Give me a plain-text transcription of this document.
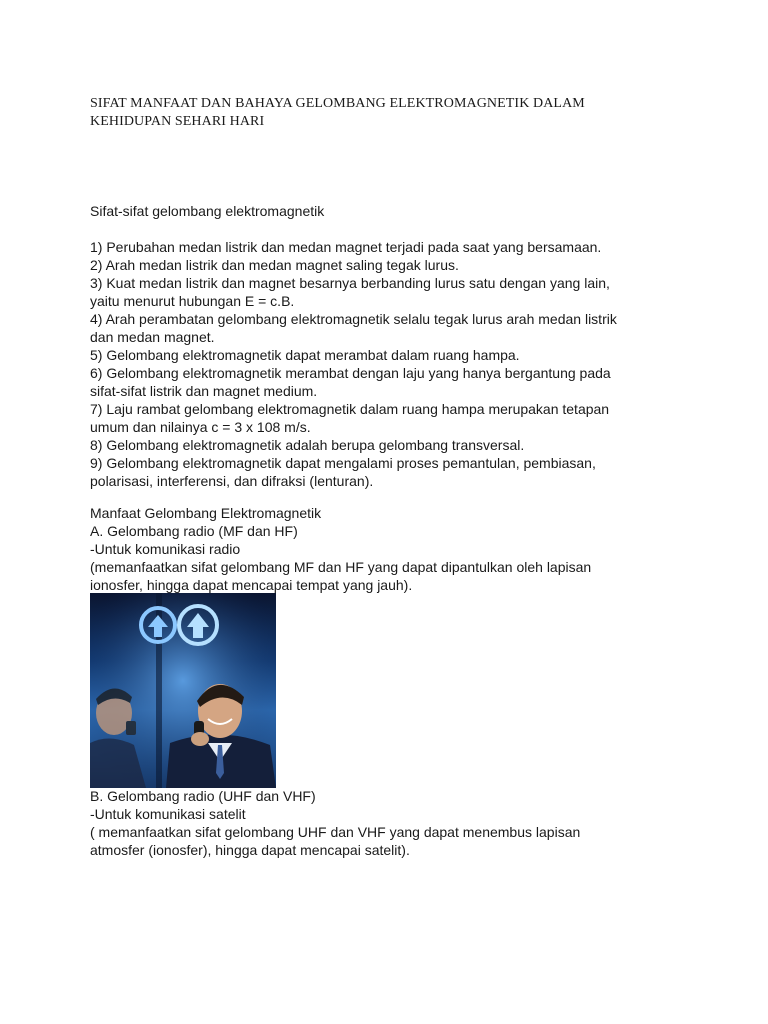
SIFAT MANFAAT DAN BAHAYA GELOMBANG ELEKTROMAGNETIK DALAM
KEHIDUPAN SEHARI HARI
Sifat-sifat gelombang elektromagnetik
1) Perubahan medan listrik dan medan magnet terjadi pada saat yang bersamaan.
2) Arah medan listrik dan medan magnet saling tegak lurus.
3) Kuat medan listrik dan magnet besarnya berbanding lurus satu dengan yang lain,
yaitu menurut hubungan E = c.B.
4) Arah perambatan gelombang elektromagnetik selalu tegak lurus arah medan listrik
dan medan magnet.
5) Gelombang elektromagnetik dapat merambat dalam ruang hampa.
6) Gelombang elektromagnetik merambat dengan laju yang hanya bergantung pada
sifat-sifat listrik dan magnet medium.
7) Laju rambat gelombang elektromagnetik dalam ruang hampa merupakan tetapan
umum dan nilainya c = 3 x 108 m/s.
8) Gelombang elektromagnetik adalah berupa gelombang transversal.
9) Gelombang elektromagnetik dapat mengalami proses pemantulan, pembiasan,
polarisasi, interferensi, dan difraksi (lenturan).
Manfaat Gelombang Elektromagnetik
A. Gelombang radio (MF dan HF)
-Untuk komunikasi radio
(memanfaatkan sifat gelombang MF dan HF yang dapat dipantulkan oleh lapisan
ionosfer, hingga dapat mencapai tempat yang jauh).
B. Gelombang radio (UHF dan VHF)
-Untuk komunikasi satelit
( memanfaatkan sifat gelombang UHF dan VHF yang dapat menembus lapisan
atmosfer (ionosfer), hingga dapat mencapai satelit).
